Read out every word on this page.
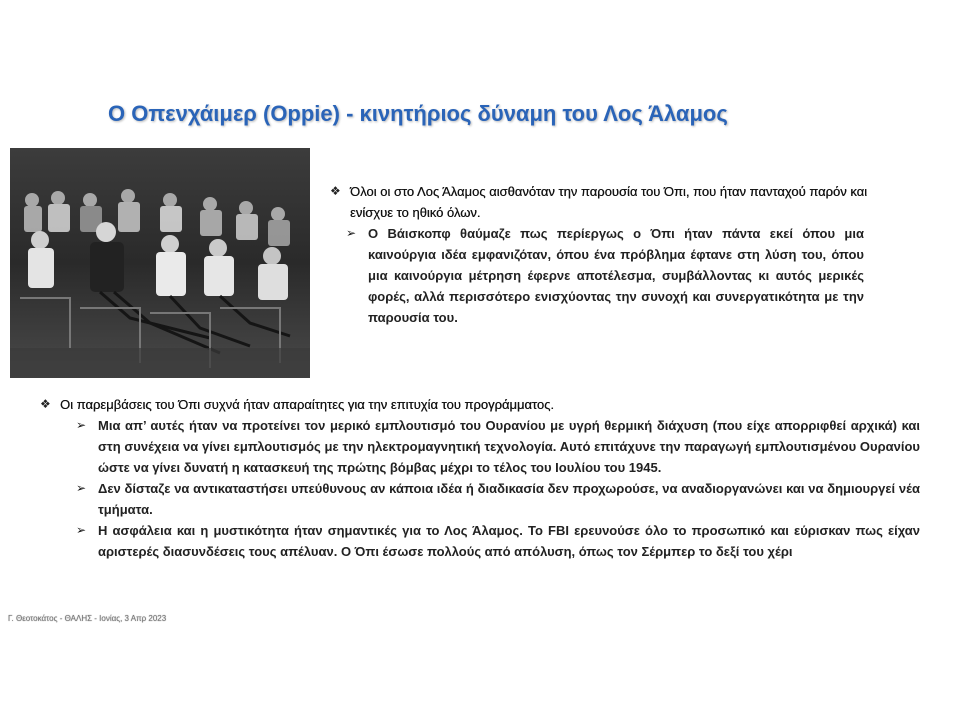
Ο Οπενχάιμερ (Oppie) - κινητήριος δύναμη του Λος Άλαμος
❖ Όλοι οι στο Λος Άλαμος αισθανόταν την παρουσία του Όπι, που ήταν πανταχού παρόν και ενίσχυε το ηθικό όλων.
➢ Ο Βάισκοπφ θαύμαζε πως περίεργως ο Όπι ήταν πάντα εκεί όπου μια καινούργια ιδέα εμφανιζόταν, όπου ένα πρόβλημα έφτανε στη λύση του, όπου μια καινούργια μέτρηση έφερνε αποτέλεσμα, συμβάλλοντας κι αυτός μερικές φορές, αλλά περισσότερο ενισχύοντας την συνοχή και συνεργατικότητα με την παρουσία του.
❖ Οι παρεμβάσεις του Όπι συχνά ήταν απαραίτητες για την επιτυχία του προγράμματος.
➢ Μια απ’ αυτές ήταν να προτείνει τον μερικό εμπλουτισμό του Ουρανίου με υγρή θερμική διάχυση (που είχε απορριφθεί αρχικά) και στη συνέχεια να γίνει εμπλουτισμός με την ηλεκτρομαγνητική τεχνολογία. Αυτό επιτάχυνε την παραγωγή εμπλουτισμένου Ουρανίου ώστε να γίνει δυνατή η κατασκευή της πρώτης βόμβας μέχρι το τέλος του Ιουλίου του 1945.
➢ Δεν δίσταζε να αντικαταστήσει υπεύθυνους αν κάποια ιδέα ή διαδικασία δεν προχωρούσε, να αναδιοργανώνει και να δημιουργεί νέα τμήματα.
➢ Η ασφάλεια και η μυστικότητα ήταν σημαντικές για το Λος Άλαμος. Το FBI ερευνούσε όλο το προσωπικό και εύρισκαν πως είχαν αριστερές διασυνδέσεις τους απέλυαν. Ο Όπι έσωσε πολλούς από απόλυση, όπως τον Σέρμπερ το δεξί του χέρι
Γ. Θεοτοκάτος - ΘΑΛΗΣ - Ιονίας, 3 Απρ 2023
